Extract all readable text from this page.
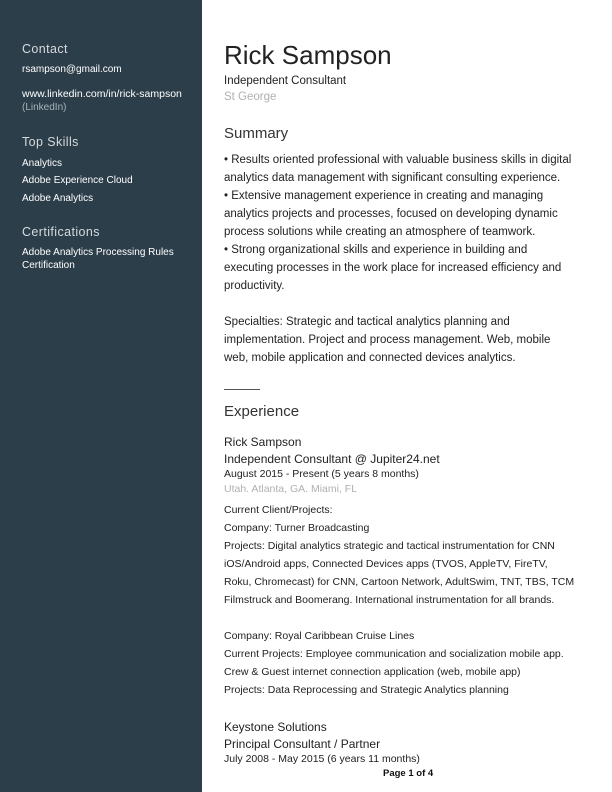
Contact
rsampson@gmail.com
www.linkedin.com/in/rick-sampson
(LinkedIn)
Top Skills
Analytics
Adobe Experience Cloud
Adobe Analytics
Certifications
Adobe Analytics Processing Rules
Certification
Rick Sampson
Independent Consultant
St George
Summary
• Results oriented professional with valuable business skills in digital
analytics data management with significant consulting experience.
• Extensive management experience in creating and managing
analytics projects and processes, focused on developing dynamic
process solutions while creating an atmosphere of teamwork.
• Strong organizational skills and experience in building and
executing processes in the work place for increased efficiency and
productivity.
Specialties: Strategic and tactical analytics planning and
implementation. Project and process management. Web, mobile
web, mobile application and connected devices analytics.
Experience
Rick Sampson
Independent Consultant @ Jupiter24.net
August 2015 - Present (5 years 8 months)
Utah. Atlanta, GA. Miami, FL
Current Client/Projects:
Company: Turner Broadcasting
Projects: Digital analytics strategic and tactical instrumentation for CNN
iOS/Android apps, Connected Devices apps (TVOS, AppleTV, FireTV,
Roku, Chromecast) for CNN, Cartoon Network, AdultSwim, TNT, TBS, TCM
Filmstruck and Boomerang. International instrumentation for all brands.
Company: Royal Caribbean Cruise Lines
Current Projects: Employee communication and socialization mobile app.
Crew & Guest internet connection application (web, mobile app)
Projects: Data Reprocessing and Strategic Analytics planning
Keystone Solutions
Principal Consultant / Partner
July 2008 - May 2015 (6 years 11 months)
Page 1 of 4
